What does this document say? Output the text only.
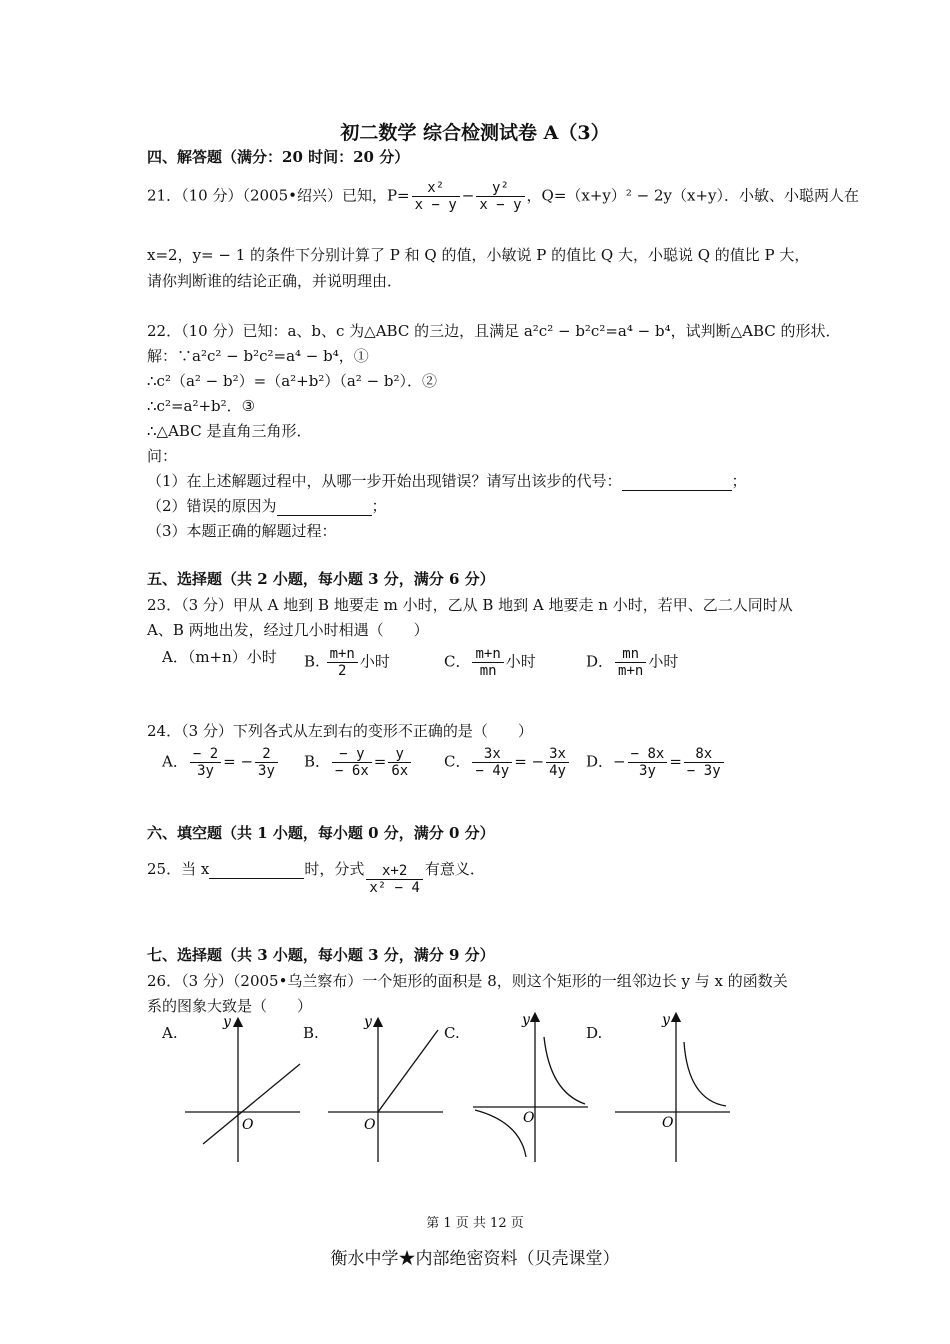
初二数学 综合检测试卷 A（3）
四、解答题（满分：20 时间：20 分）
21．（10 分）（2005•绍兴）已知，$P= \frac{\text{x²}}{x - y} - \frac{\text{y²}}{x - y}$ ，Q=（x+y）² − 2y（x+y）．小敏、小聪两人在
x=2，y= − 1 的条件下分别计算了 P 和 Q 的值，小敏说 P 的值比 Q 大，小聪说 Q 的值比 P 大，
请你判断谁的结论正确，并说明理由．
22．（10 分）已知：a、b、c 为△ABC 的三边，且满足 a²c² − b²c²=a⁴ − b⁴，试判断△ABC 的形状．
解：∵a²c² − b²c²=a⁴ − b⁴，①
∴c²（a² − b²）=（a²+b²）（a² − b²）．②
∴c²=a²+b²．③
∴△ABC 是直角三角形．
问：
（1）在上述解题过程中，从哪一步开始出现错误？请写出该步的代号：	；
（2）错误的原因为	；
（3）本题正确的解题过程：
五、选择题（共 2 小题，每小题 3 分，满分 6 分）
23．（3 分）甲从 A 地到 B 地要走 m 小时，乙从 B 地到 A 地要走 n 小时，若甲、乙二人同时从
A、B 两地出发，经过几小时相遇（　　）
A．（m+n）小时 B. $\frac{m+n}{2}$ 小时	C． $\frac{m+n}{mn}$ 小时	D． $\frac{mn}{m+n}$ 小时
24．（3 分）下列各式从左到右的变形不正确的是（　　）
A． $\frac{- 2}{3y}$ = − $\frac{2}{3y}$ B． $\frac{- y}{- 6x} = \frac{y}{6x}$ C． $\frac{3x}{- 4y}$ = − $\frac{3x}{4y}$ D．− $\frac{- 8x}{3y} = \frac{8x}{- 3y}$
六、填空题（共 1 小题，每小题 0 分，满分 0 分）
25．当 x	时，分式 $\frac{x+2}{\text{x² − 4}}$ 有意义．
七、选择题（共 3 小题，每小题 3 分，满分 9 分）
26．（3 分）（2005•乌兰察布）一个矩形的面积是 8，则这个矩形的一组邻边长 y 与 x 的函数关
系的图象大致是（　　）
A.	B.	C.	D.
y
O
y
O
y
O
y
O
第 1 页 共 12 页
衡水中学★内部绝密资料（贝壳课堂）
